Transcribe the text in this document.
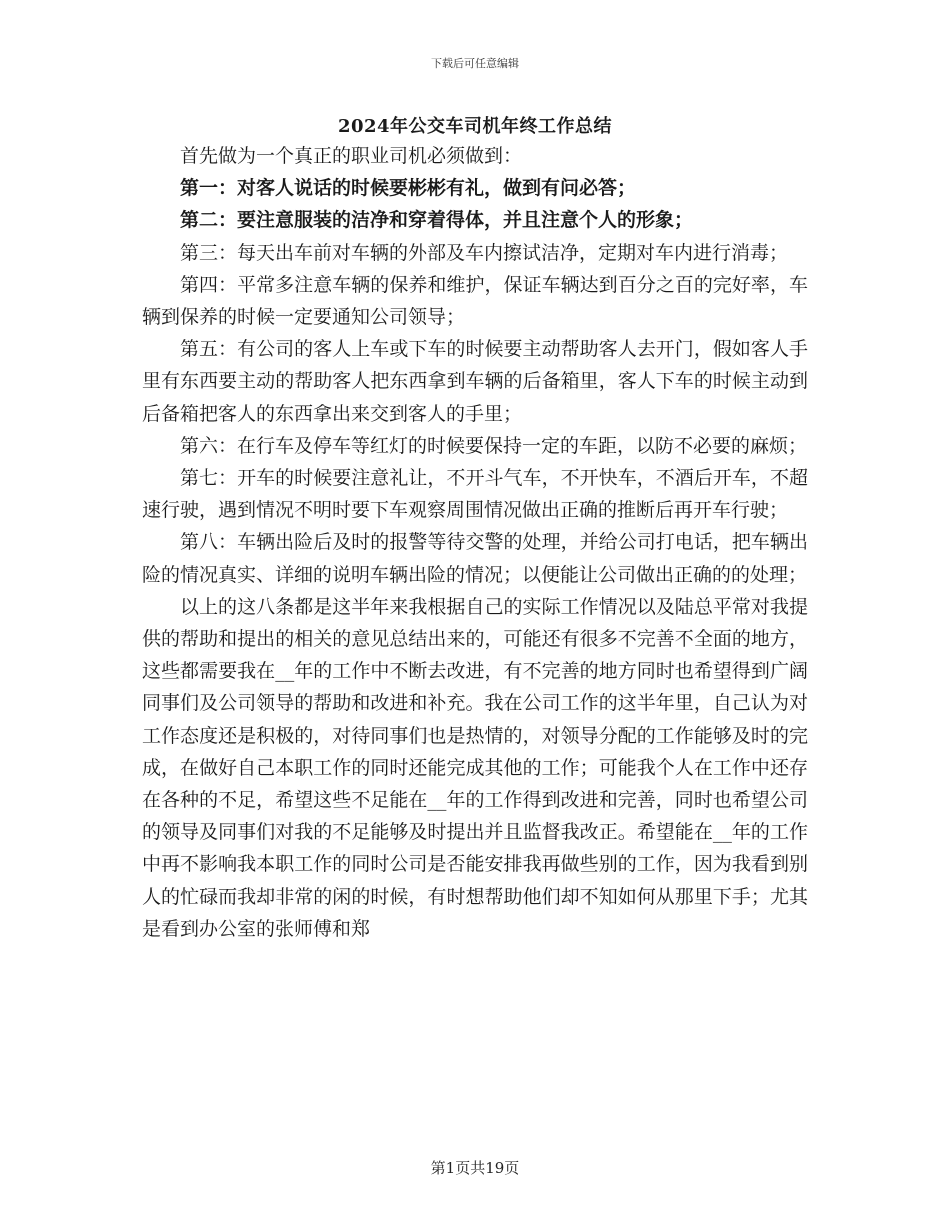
下载后可任意编辑
2024年公交车司机年终工作总结

首先做为一个真正的职业司机必须做到：

第一：对客人说话的时候要彬彬有礼，做到有问必答；

第二：要注意服装的洁净和穿着得体，并且注意个人的形象；

第三：每天出车前对车辆的外部及车内擦试洁净，定期对车内进行消毒；

第四：平常多注意车辆的保养和维护，保证车辆达到百分之百的完好率，车辆到保养的时候一定要通知公司领导；

第五：有公司的客人上车或下车的时候要主动帮助客人去开门，假如客人手里有东西要主动的帮助客人把东西拿到车辆的后备箱里，客人下车的时候主动到后备箱把客人的东西拿出来交到客人的手里；

第六：在行车及停车等红灯的时候要保持一定的车距，以防不必要的麻烦；

第七：开车的时候要注意礼让，不开斗气车，不开快车，不酒后开车，不超速行驶，遇到情况不明时要下车观察周围情况做出正确的推断后再开车行驶；

第八：车辆出险后及时的报警等待交警的处理，并给公司打电话，把车辆出险的情况真实、详细的说明车辆出险的情况；以便能让公司做出正确的的处理；

以上的这八条都是这半年来我根据自己的实际工作情况以及陆总平常对我提供的帮助和提出的相关的意见总结出来的，可能还有很多不完善不全面的地方，这些都需要我在__年的工作中不断去改进，有不完善的地方同时也希望得到广阔同事们及公司领导的帮助和改进和补充。我在公司工作的这半年里，自己认为对工作态度还是积极的，对待同事们也是热情的，对领导分配的工作能够及时的完成，在做好自己本职工作的同时还能完成其他的工作；可能我个人在工作中还存在各种的不足，希望这些不足能在__年的工作得到改进和完善，同时也希望公司的领导及同事们对我的不足能够及时提出并且监督我改正。希望能在__年的工作中再不影响我本职工作的同时公司是否能安排我再做些别的工作，因为我看到别人的忙碌而我却非常的闲的时候，有时想帮助他们却不知如何从那里下手；尤其是看到办公室的张师傅和郑

第1页共19页
